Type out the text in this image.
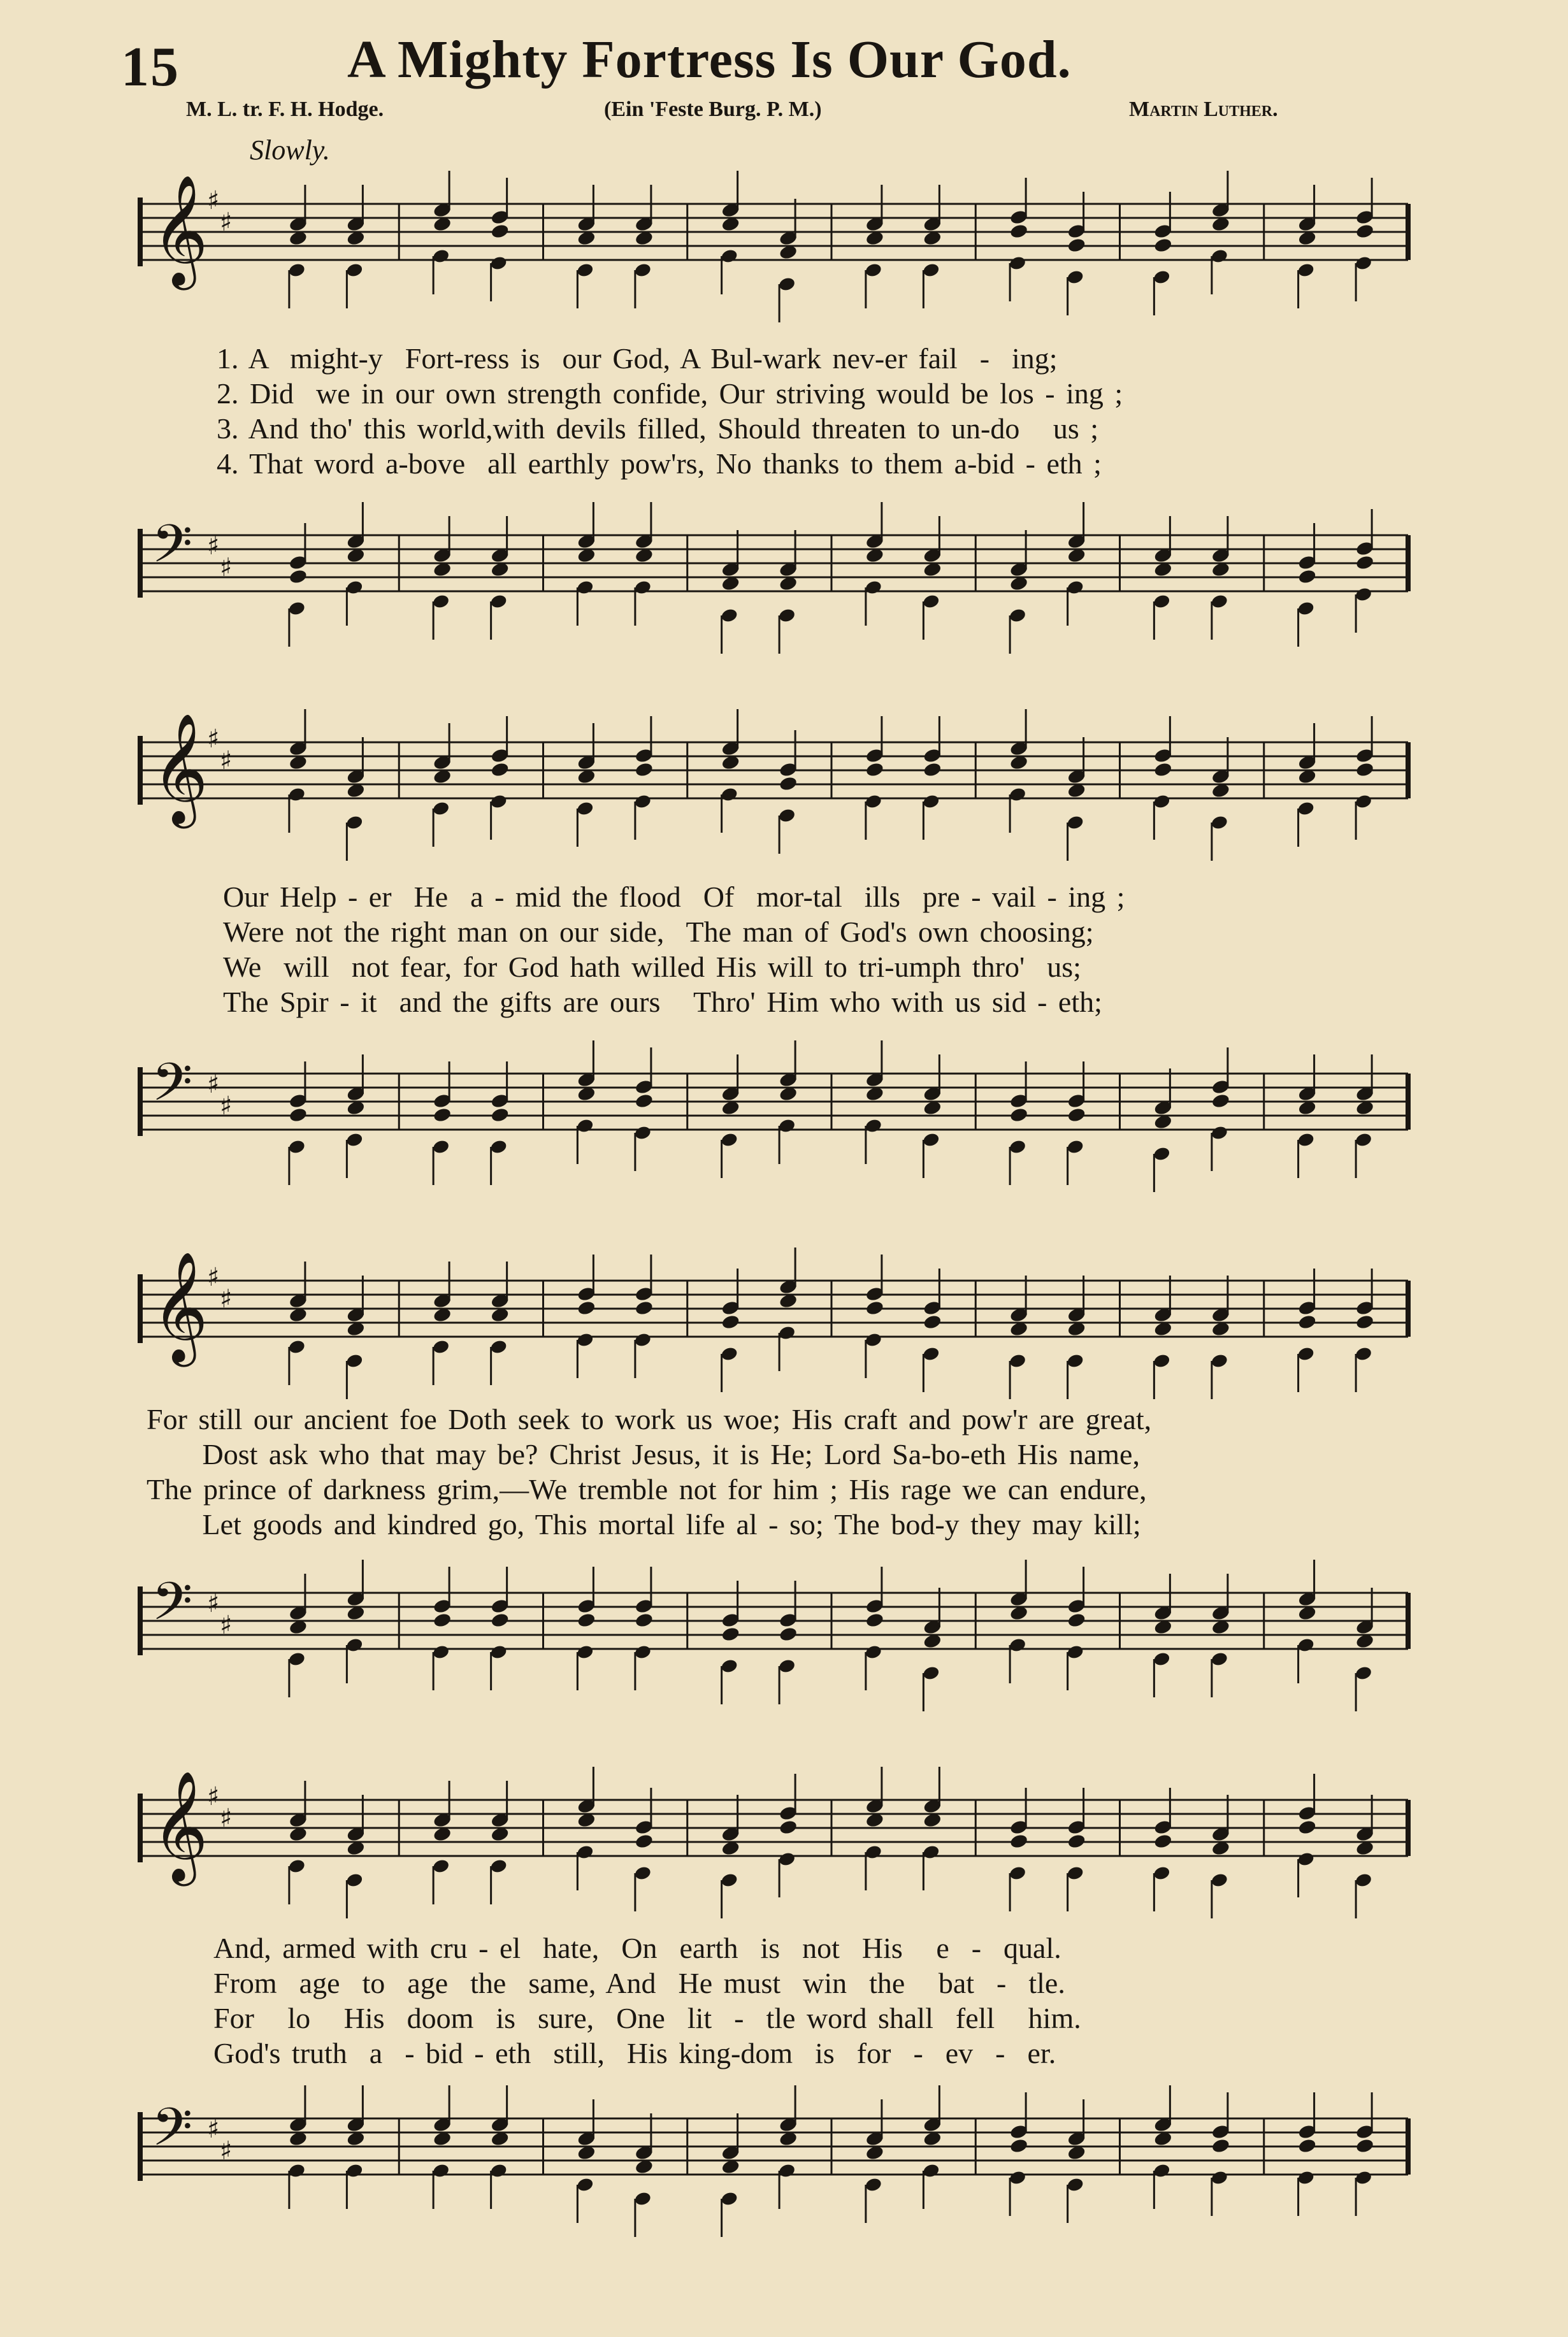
15	A Mighty Fortress Is Our God.
M. L. tr. F. H. Hodge.	(Ein 'Feste Burg. P. M.)	Martin Luther.
Slowly.
𝄞
♯
♯
1. A  might-y  Fort-ress is  our God, A Bul-wark nev-er fail  -  ing;
2. Did  we in our own strength confide, Our striving would be los - ing ;
3. And tho' this world,with devils filled, Should threaten to un-do   us ;
4. That word a-bove  all earthly pow'rs, No thanks to them a-bid - eth ;
𝄢 ♯
♯
𝄞
♯
♯
Our Help - er  He  a - mid the flood  Of  mor-tal  ills  pre - vail - ing ;
Were not the right man on our side,  The man of God's own choosing;
We  will  not fear, for God hath willed His will to tri-umph thro'  us;
The Spir - it  and the gifts are ours   Thro' Him who with us sid - eth;
𝄢 ♯
♯
𝄞
♯
♯
For still our ancient foe Doth seek to work us woe; His craft and pow'r are great,
Dost ask who that may be? Christ Jesus, it is He; Lord Sa-bo-eth His name,
The prince of darkness grim,—We tremble not for him ; His rage we can endure,
Let goods and kindred go, This mortal life al - so; The bod-y they may kill;
𝄢 ♯
♯
𝄞
♯
♯
And, armed with cru - el  hate,  On  earth  is  not  His   e  -  qual.
From  age  to  age  the  same, And  He must  win  the   bat  -  tle.
For   lo   His  doom  is  sure,  One  lit  -  tle word shall  fell   him.
God's truth  a  - bid - eth  still,  His king-dom  is  for  -  ev  -  er.
𝄢 ♯
♯
